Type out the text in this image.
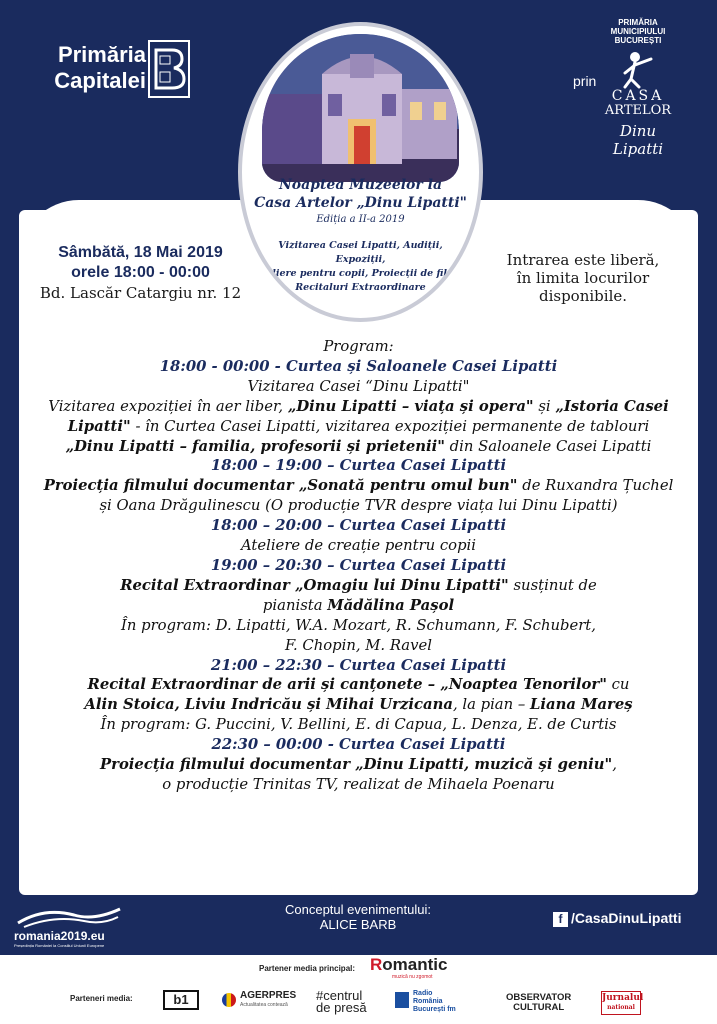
Primăria
Capitalei	prin
PRIMĂRIA
MUNICIPIULUI
BUCUREȘTI
CASA
ARTELOR
Dinu Lipatti
Noaptea Muzeelor la
Casa Artelor „Dinu Lipatti"
Ediția a II-a 2019
Vizitarea Casei Lipatti, Audiții, Expoziții,
Ateliere pentru copii, Proiecții de filme,
Recitaluri Extraordinare
Sâmbătă, 18 Mai 2019
orele 18:00 - 00:00
Bd. Lascăr Catargiu nr. 12
Intrarea este liberă,
în limita locurilor
disponibile.
Program:
18:00 - 00:00 - Curtea și Saloanele Casei Lipatti
Vizitarea Casei “Dinu Lipatti"
Vizitarea expoziției în aer liber, „Dinu Lipatti – viața și opera" și „Istoria Casei
Lipatti" - în Curtea Casei Lipatti, vizitarea expoziției permanente de tablouri
„Dinu Lipatti – familia, profesorii și prietenii" din Saloanele Casei Lipatti
18:00 – 19:00 – Curtea Casei Lipatti
Proiecția filmului documentar „Sonată pentru omul bun" de Ruxandra Țuchel
și Oana Drăgulinescu (O producție TVR despre viața lui Dinu Lipatti)
18:00 – 20:00 – Curtea Casei Lipatti
Ateliere de creație pentru copii
19:00 – 20:30 – Curtea Casei Lipatti
Recital Extraordinar „Omagiu lui Dinu Lipatti" susținut de
pianista Mădălina Pașol
În program: D. Lipatti, W.A. Mozart, R. Schumann, F. Schubert,
F. Chopin, M. Ravel
21:00 – 22:30 – Curtea Casei Lipatti
Recital Extraordinar de arii și canțonete – „Noaptea Tenorilor" cu
Alin Stoica, Liviu Indricău și Mihai Urzicana, la pian – Liana Mareș
În program: G. Puccini, V. Bellini, E. di Capua, L. Denza, E. de Curtis
22:30 – 00:00 - Curtea Casei Lipatti
Proiecția filmului documentar „Dinu Lipatti, muzică și geniu",
o producție Trinitas TV, realizat de Mihaela Poenaru
romania2019.eu
Președinția României la Consiliul Uniunii Europene
Conceptul evenimentului:
ALICE BARB	f /CasaDinuLipatti
Partener media principal: Romantic
muzică nu zgomot
Parteneri media:	b1	AGERPRES
Actualitatea contează
#centrul
de presă
Radio
România
București fm
OBSERVATOR
CULTURAL
Jurnalul
national
